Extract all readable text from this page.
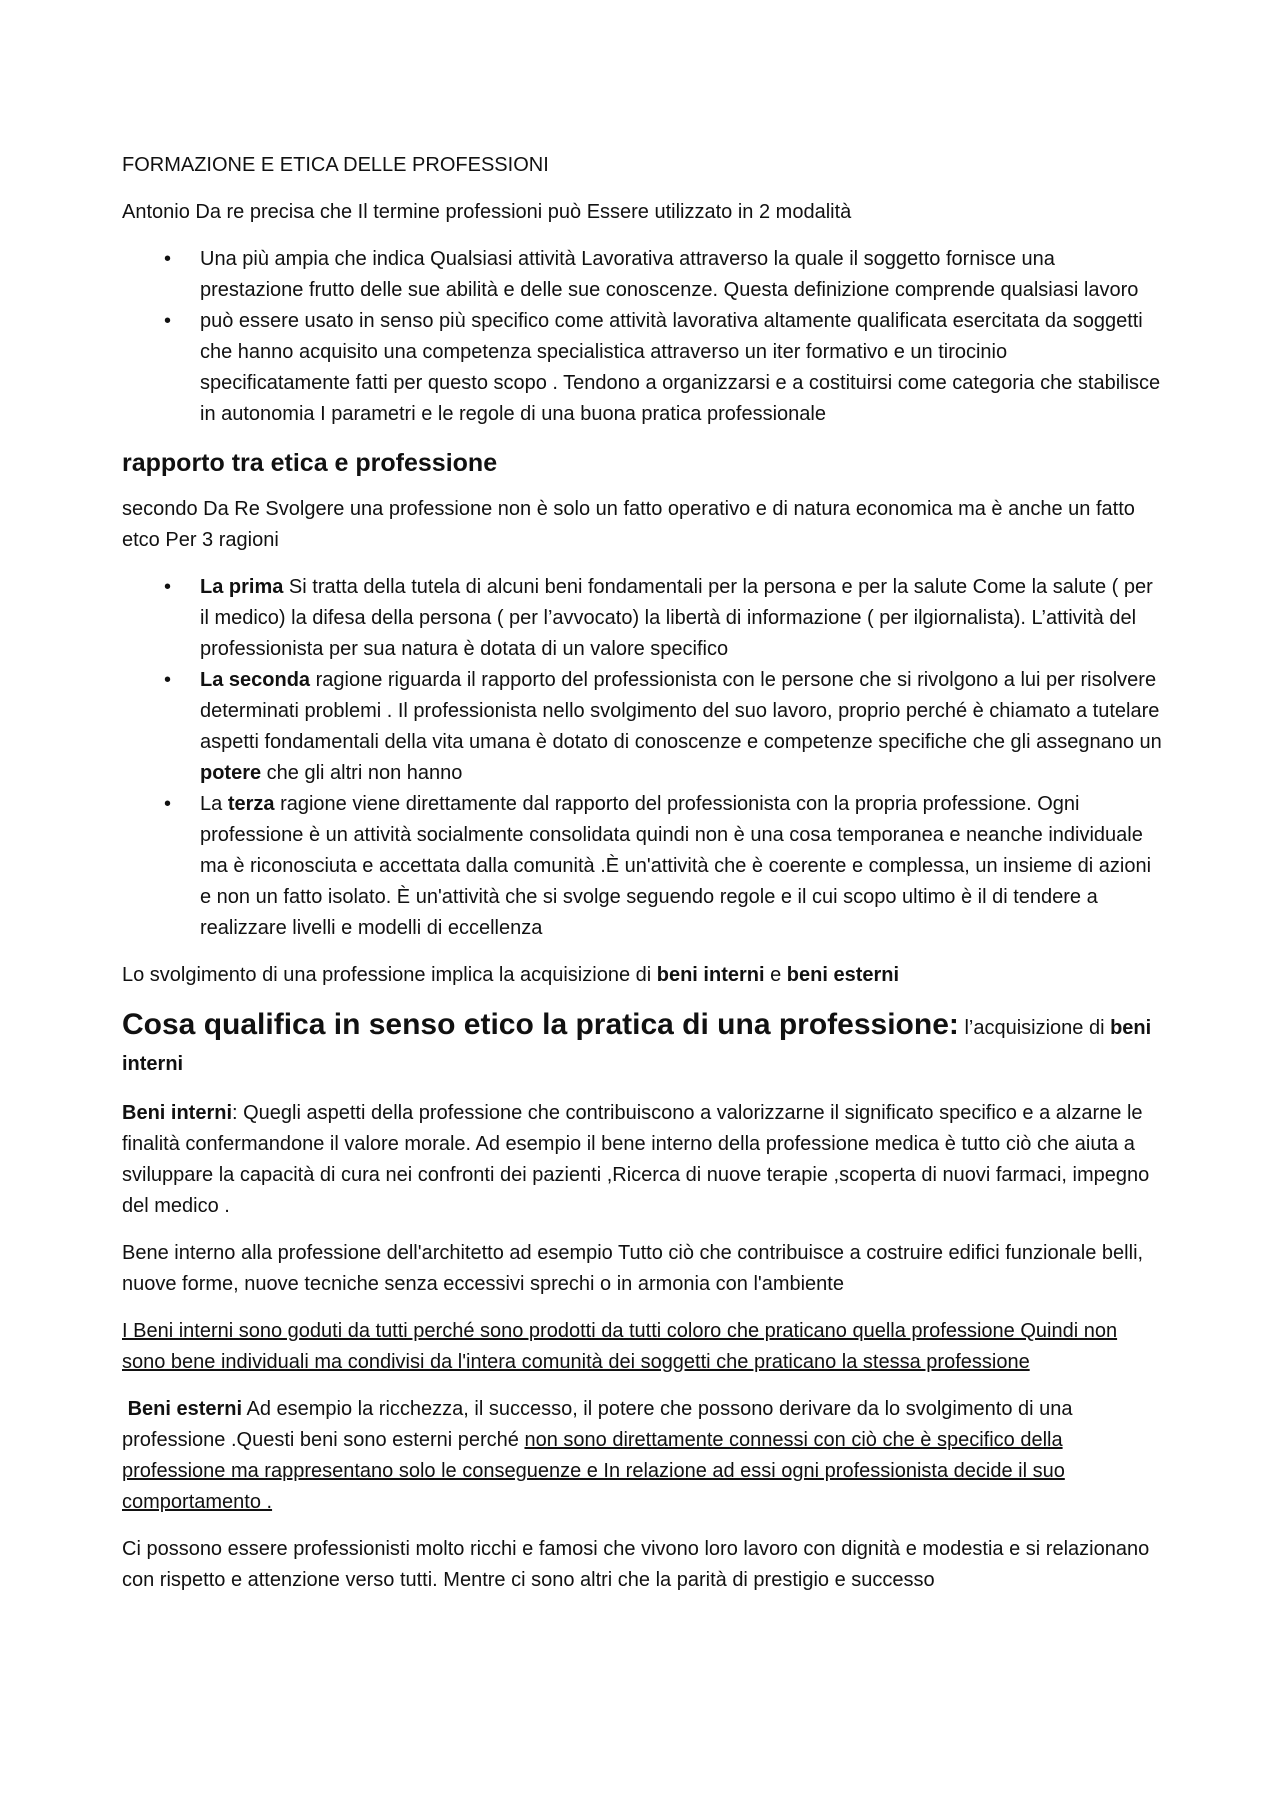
FORMAZIONE E ETICA DELLE PROFESSIONI

Antonio Da re precisa che Il termine professioni può Essere utilizzato in 2 modalità

• Una più ampia che indica Qualsiasi attività Lavorativa attraverso la quale il soggetto fornisce una prestazione frutto delle sue abilità e delle sue conoscenze. Questa definizione comprende qualsiasi lavoro
• può essere usato in senso più specifico come attività lavorativa altamente qualificata esercitata da soggetti che hanno acquisito una competenza specialistica attraverso un iter formativo e un tirocinio specificatamente fatti per questo scopo . Tendono a organizzarsi e a costituirsi come categoria che stabilisce in autonomia I parametri e le regole di una buona pratica professionale
rapporto tra etica e professione

secondo Da Re Svolgere una professione non è solo un fatto operativo e di natura economica ma è anche un fatto etco Per 3 ragioni

• La prima Si tratta della tutela di alcuni beni fondamentali per la persona e per la salute Come la salute ( per il medico) la difesa della persona ( per l’avvocato) la libertà di informazione ( per ilgiornalista). L’attività del professionista per sua natura è dotata di un valore specifico
• La seconda ragione riguarda il rapporto del professionista con le persone che si rivolgono a lui per risolvere determinati problemi . Il professionista nello svolgimento del suo lavoro, proprio perché è chiamato a tutelare aspetti fondamentali della vita umana è dotato di conoscenze e competenze specifiche che gli assegnano un potere che gli altri non hanno
• La terza ragione viene direttamente dal rapporto del professionista con la propria professione. Ogni professione è un attività socialmente consolidata quindi non è una cosa temporanea e neanche individuale ma è riconosciuta e accettata dalla comunità .È un'attività che è coerente e complessa, un insieme di azioni e non un fatto isolato. È un'attività che si svolge seguendo regole e il cui scopo ultimo è il di tendere a realizzare livelli e modelli di eccellenza

Lo svolgimento di una professione implica la acquisizione di beni interni e beni esterni

Cosa qualifica in senso etico la pratica di una professione: l’acquisizione di beni interni

Beni interni: Quegli aspetti della professione che contribuiscono a valorizzarne il significato specifico e a alzarne le finalità confermandone il valore morale. Ad esempio il bene interno della professione medica è tutto ciò che aiuta a sviluppare la capacità di cura nei confronti dei pazienti ,Ricerca di nuove terapie ,scoperta di nuovi farmaci, impegno del medico .

Bene interno alla professione dell'architetto ad esempio Tutto ciò che contribuisce a costruire edifici funzionale belli, nuove forme, nuove tecniche senza eccessivi sprechi o in armonia con l'ambiente

I Beni interni sono goduti da tutti perché sono prodotti da tutti coloro che praticano quella professione Quindi non sono bene individuali ma condivisi da l'intera comunità dei soggetti che praticano la stessa professione

Beni esterni Ad esempio la ricchezza, il successo, il potere che possono derivare da lo svolgimento di una professione .Questi beni sono esterni perché non sono direttamente connessi con ciò che è specifico della professione ma rappresentano solo le conseguenze e In relazione ad essi ogni professionista decide il suo comportamento .

Ci possono essere professionisti molto ricchi e famosi che vivono loro lavoro con dignità e modestia e si relazionano con rispetto e attenzione verso tutti. Mentre ci sono altri che la parità di prestigio e successo
